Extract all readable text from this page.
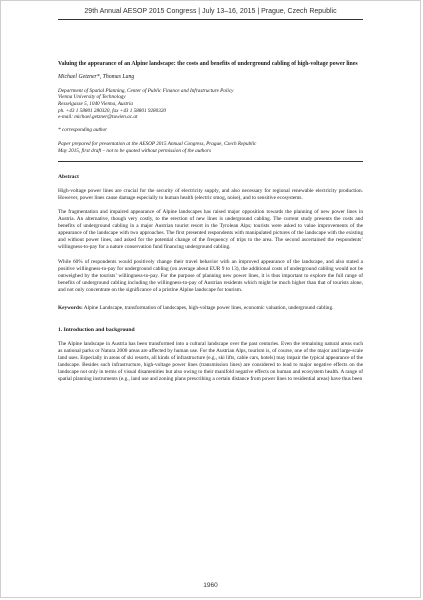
29th Annual AESOP 2015 Congress | July 13–16, 2015 | Prague, Czech Republic

Valuing the appearance of an Alpine landscape: the costs and benefits of underground cabling of high-voltage power lines

Michael Getzner*, Thomas Lang
Department of Spatial Planning, Center of Public Finance and Infrastructure Policy
Vienna University of Technology
Resselgasse 5, 1040 Vienna, Austria
ph. +43 1 58801 280320, fax +43 1 58801 9280320
e-mail: michael.getzner@tuwien.ac.at
* corresponding author
Paper prepared for presentation at the AESOP 2015 Annual Congress, Prague, Czech Republic
May 2015, first draft – not to be quoted without permission of the authors
Abstract
High-voltage power lines are crucial for the security of electricity supply, and also necessary for regional renewable electricity production. However, power lines cause damage especially to human health (electric smog, noise), and to sensitive ecosystems.
The fragmentation and impaired appearance of Alpine landscapes has raised major opposition towards the planning of new power lines in Austria. An alternative, though very costly, to the erection of new lines is underground cabling. The current study presents the costs and benefits of underground cabling in a major Austrian tourist resort in the Tyrolean Alps; tourists were asked to value improvements of the appearance of the landscape with two approaches. The first presented respondents with manipulated pictures of the landscape with the existing and without power lines, and asked for the potential change of the frequency of trips to the area. The second ascertained the respondents’ willingness-to-pay for a nature conservation fund financing underground cabling.
While 60% of respondents would positively change their travel behavior with an improved appearance of the landscape, and also stated a positive willingness-to-pay for underground cabling (on average about EUR 9 to 13), the additional costs of underground cabling would not be outweighed by the tourists’ willingness-to-pay. For the purpose of planning new power lines, it is thus important to explore the full range of benefits of underground cabling including the willingness-to-pay of Austrian residents which might be much higher than that of tourists alone, and not only concentrate on the significance of a pristine Alpine landscape for tourism.
Keywords: Alpine Landscape, transformation of landscapes, high-voltage power lines, economic valuation, underground cabling.
1. Introduction and background
The Alpine landscape in Austria has been transformed into a cultural landscape over the past centuries. Even the remaining natural areas such as national parks or Natura 2000 areas are affected by human use. For the Austrian Alps, tourism is, of course, one of the major and large-scale land uses. Especially in areas of ski resorts, all kinds of infrastructure (e.g., ski lifts, cable cars, hotels) may impair the typical appearance of the landscape. Besides such infrastructure, high-voltage power lines (transmission lines) are considered to lead to major negative effects on the landscape not only in terms of visual disamenities but also owing to their manifold negative effects on human and ecosystem health. A range of spatial planning instruments (e.g., land use and zoning plans prescribing a certain distance from power lines to residential areas) have thus been
1960
